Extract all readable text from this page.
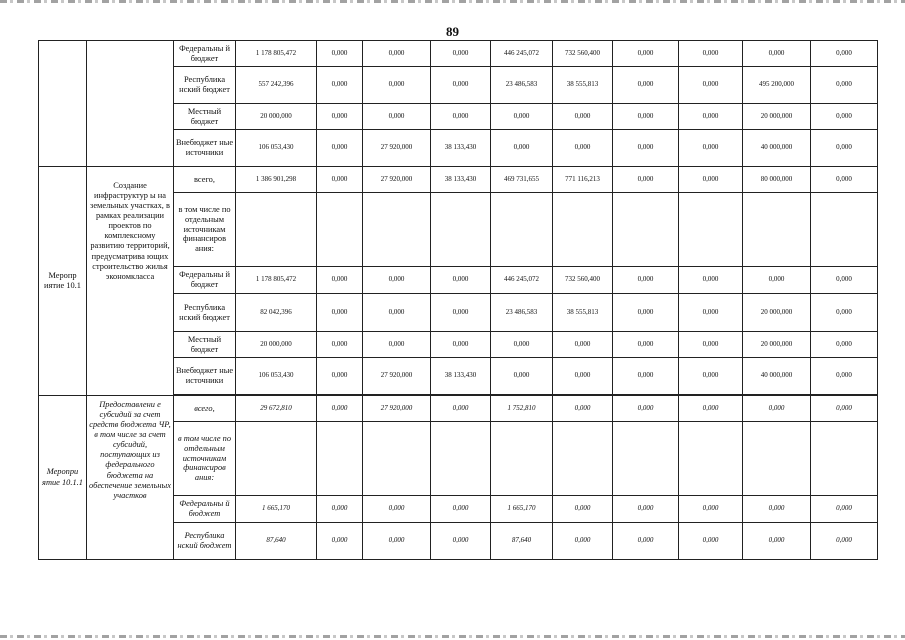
89
		Федеральны й бюджет	1 178 805,472	0,000	0,000	0,000	446 245,072	732 560,400	0,000	0,000	0,000	0,000
		Республика нский бюджет	557 242,396	0,000	0,000	0,000	23 486,583	38 555,813	0,000	0,000	495 200,000	0,000
		Местный бюджет	20 000,000	0,000	0,000	0,000	0,000	0,000	0,000	0,000	20 000,000	0,000
		Внебюджет ные источники	106 053,430	0,000	27 920,000	38 133,430	0,000	0,000	0,000	0,000	40 000,000	0,000
Меропр иятие 10.1	Создание инфраструктур ы на земельных участках, в рамках реализации проектов по комплексному развитию территорий, предусматрива ющих строительство жилья экономкласса	всего,	1 386 901,298	0,000	27 920,000	38 133,430	469 731,655	771 116,213	0,000	0,000	80 000,000	0,000
		в том числе по отдельным источникам финансиров ания:										
		Федеральны й бюджет	1 178 805,472	0,000	0,000	0,000	446 245,072	732 560,400	0,000	0,000	0,000	0,000
		Республика нский бюджет	82 042,396	0,000	0,000	0,000	23 486,583	38 555,813	0,000	0,000	20 000,000	0,000
		Местный бюджет	20 000,000	0,000	0,000	0,000	0,000	0,000	0,000	0,000	20 000,000	0,000
		Внебюджет ные источники	106 053,430	0,000	27 920,000	38 133,430	0,000	0,000	0,000	0,000	40 000,000	0,000

Меропри ятие 10.1.1	Предоставлени е субсидий за счет средств бюджета ЧР, в том числе за счет субсидий, поступающих из федерального бюджета на обеспечение земельных участков	всего,	29 672,810	0,000	27 920,000	0,000	1 752,810	0,000	0,000	0,000	0,000	0,000
		в том числе по отдельным источникам финансиров ания:										
		Федеральны й бюджет	1 665,170	0,000	0,000	0,000	1 665,170	0,000	0,000	0,000	0,000	0,000
		Республика нский бюджет	87,640	0,000	0,000	0,000	87,640	0,000	0,000	0,000	0,000	0,000
